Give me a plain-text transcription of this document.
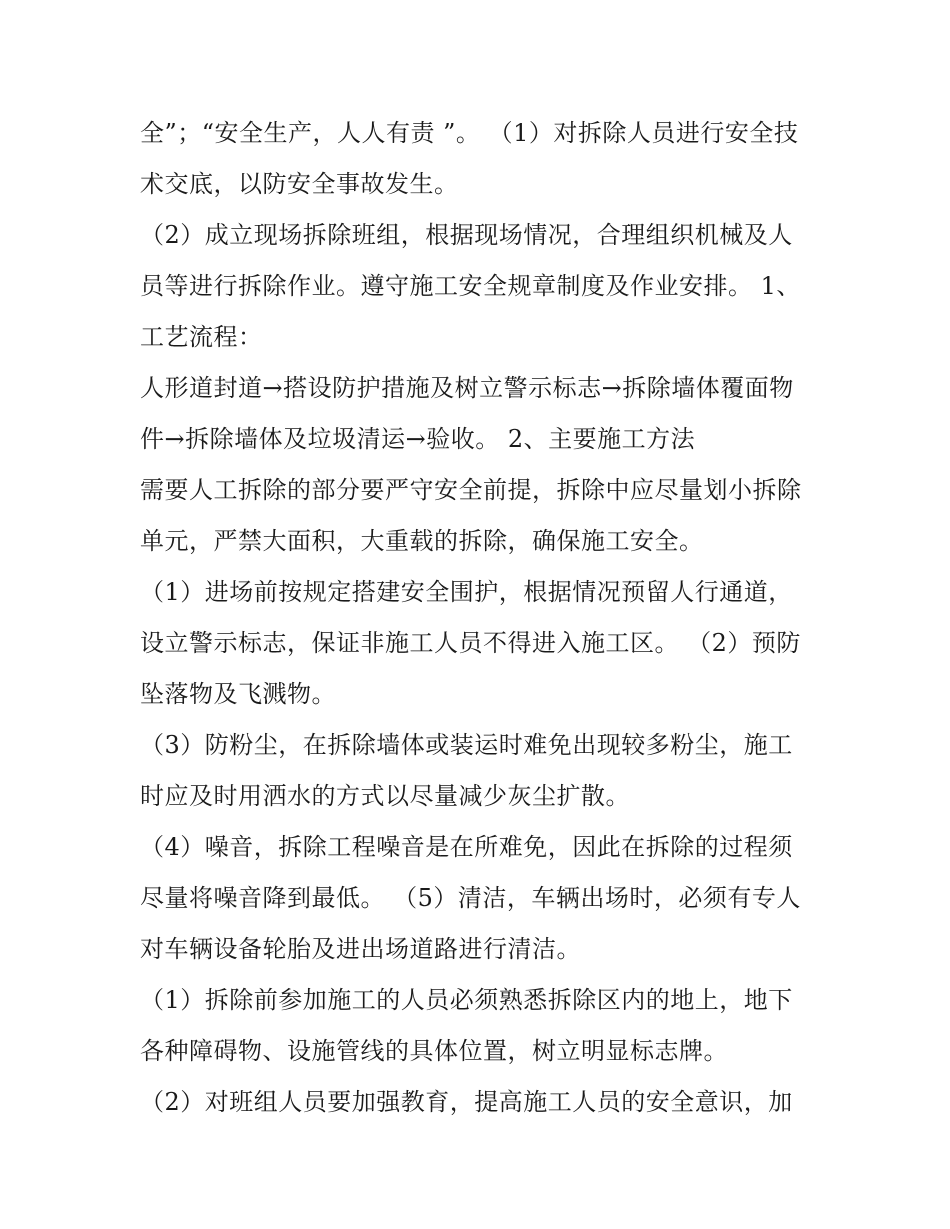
全”；“安全生产，人人有责 ”。 （1）对拆除人员进行安全技
术交底，以防安全事故发生。
（2）成立现场拆除班组，根据现场情况，合理组织机械及人
员等进行拆除作业。遵守施工安全规章制度及作业安排。 1、
工艺流程：
人形道封道→搭设防护措施及树立警示标志→拆除墙体覆面物
件→拆除墙体及垃圾清运→验收。 2、主要施工方法
需要人工拆除的部分要严守安全前提，拆除中应尽量划小拆除
单元，严禁大面积，大重载的拆除，确保施工安全。
（1）进场前按规定搭建安全围护，根据情况预留人行通道，
设立警示标志，保证非施工人员不得进入施工区。 （2）预防
坠落物及飞溅物。
（3）防粉尘，在拆除墙体或装运时难免出现较多粉尘，施工
时应及时用洒水的方式以尽量减少灰尘扩散。
（4）噪音，拆除工程噪音是在所难免，因此在拆除的过程须
尽量将噪音降到最低。 （5）清洁，车辆出场时，必须有专人
对车辆设备轮胎及进出场道路进行清洁。
（1）拆除前参加施工的人员必须熟悉拆除区内的地上，地下
各种障碍物、设施管线的具体位置，树立明显标志牌。
（2）对班组人员要加强教育，提高施工人员的安全意识，加
